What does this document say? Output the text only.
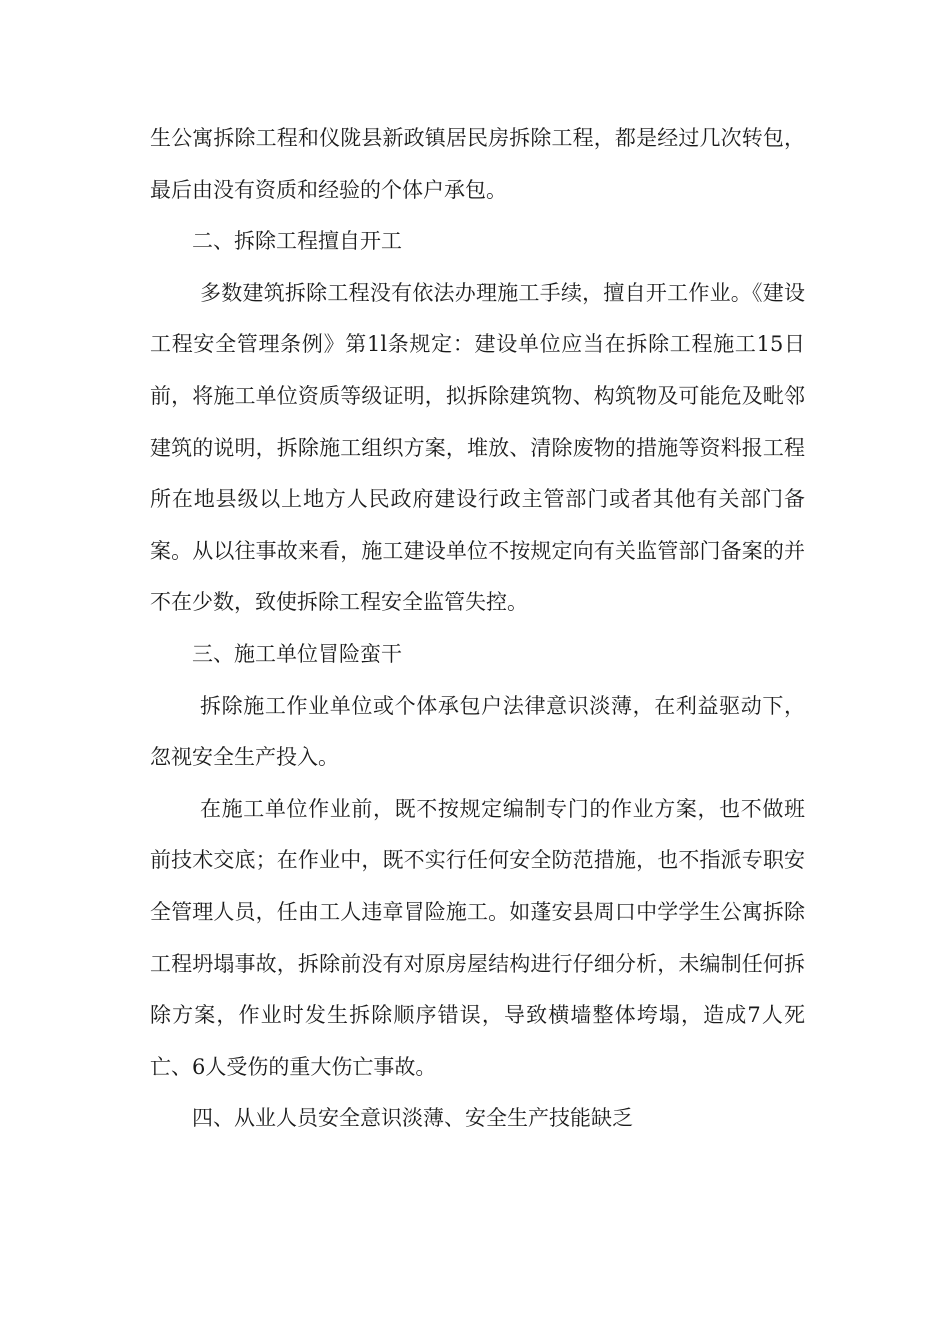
生公寓拆除工程和仪陇县新政镇居民房拆除工程，都是经过几次转包，最后由没有资质和经验的个体户承包。

二、拆除工程擅自开工

多数建筑拆除工程没有依法办理施工手续，擅自开工作业。《建设工程安全管理条例》第1l条规定：建设单位应当在拆除工程施工15日前，将施工单位资质等级证明，拟拆除建筑物、构筑物及可能危及毗邻建筑的说明，拆除施工组织方案，堆放、清除废物的措施等资料报工程所在地县级以上地方人民政府建设行政主管部门或者其他有关部门备案。从以往事故来看，施工建设单位不按规定向有关监管部门备案的并不在少数，致使拆除工程安全监管失控。

三、施工单位冒险蛮干

拆除施工作业单位或个体承包户法律意识淡薄，在利益驱动下，忽视安全生产投入。

在施工单位作业前，既不按规定编制专门的作业方案，也不做班前技术交底；在作业中，既不实行任何安全防范措施，也不指派专职安全管理人员，任由工人违章冒险施工。如蓬安县周口中学学生公寓拆除工程坍塌事故，拆除前没有对原房屋结构进行仔细分析，未编制任何拆除方案，作业时发生拆除顺序错误，导致横墙整体垮塌，造成7人死亡、6人受伤的重大伤亡事故。

四、从业人员安全意识淡薄、安全生产技能缺乏
